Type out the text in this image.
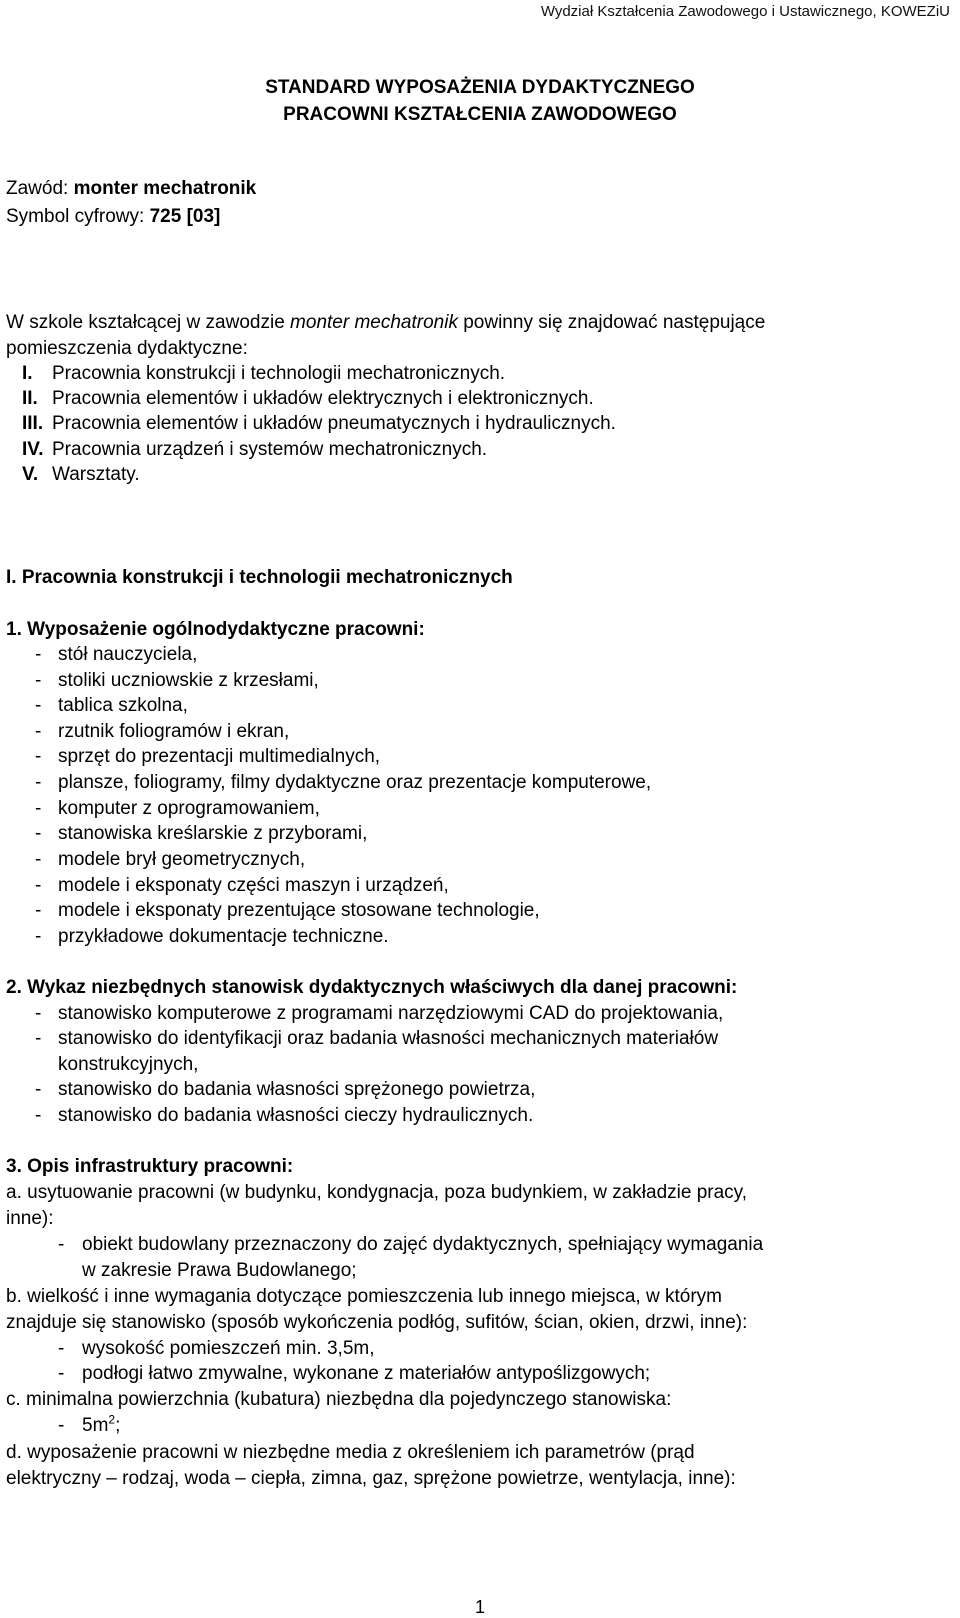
Wydział Kształcenia Zawodowego i Ustawicznego, KOWEZiU
STANDARD WYPOSAŻENIA DYDAKTYCZNEGO
PRACOWNI KSZTAŁCENIA ZAWODOWEGO
Zawód: monter mechatronik
Symbol cyfrowy: 725 [03]
W szkole kształcącej w zawodzie monter mechatronik powinny się znajdować następujące
pomieszczenia dydaktyczne:
I. Pracownia konstrukcji i technologii mechatronicznych.
II. Pracownia elementów i układów elektrycznych i elektronicznych.
III. Pracownia elementów i układów pneumatycznych i hydraulicznych.
IV. Pracownia urządzeń i systemów mechatronicznych.
V. Warsztaty.
I. Pracownia konstrukcji i technologii mechatronicznych
1. Wyposażenie ogólnodydaktyczne pracowni:
- stół nauczyciela,
- stoliki uczniowskie z krzesłami,
- tablica szkolna,
- rzutnik foliogramów i ekran,
- sprzęt do prezentacji multimedialnych,
- plansze, foliogramy, filmy dydaktyczne oraz prezentacje komputerowe,
- komputer z oprogramowaniem,
- stanowiska kreślarskie z przyborami,
- modele brył geometrycznych,
- modele i eksponaty części maszyn i urządzeń,
- modele i eksponaty prezentujące stosowane technologie,
- przykładowe dokumentacje techniczne.
2. Wykaz niezbędnych stanowisk dydaktycznych właściwych dla danej pracowni:
- stanowisko komputerowe z programami narzędziowymi CAD do projektowania,
- stanowisko do identyfikacji oraz badania własności mechanicznych materiałów
konstrukcyjnych,
- stanowisko do badania własności sprężonego powietrza,
- stanowisko do badania własności cieczy hydraulicznych.
3. Opis infrastruktury pracowni:
a. usytuowanie pracowni (w budynku, kondygnacja, poza budynkiem, w zakładzie pracy,
inne):
- obiekt budowlany przeznaczony do zajęć dydaktycznych, spełniający wymagania
w zakresie Prawa Budowlanego;
b. wielkość i inne wymagania dotyczące pomieszczenia lub innego miejsca, w którym
znajduje się stanowisko (sposób wykończenia podłóg, sufitów, ścian, okien, drzwi, inne):
- wysokość pomieszczeń min. 3,5m,
- podłogi łatwo zmywalne, wykonane z materiałów antypoślizgowych;
c. minimalna powierzchnia (kubatura) niezbędna dla pojedynczego stanowiska:
- $5m^2$;
d. wyposażenie pracowni w niezbędne media z określeniem ich parametrów (prąd
elektryczny – rodzaj, woda – ciepła, zimna, gaz, sprężone powietrze, wentylacja, inne):
1
